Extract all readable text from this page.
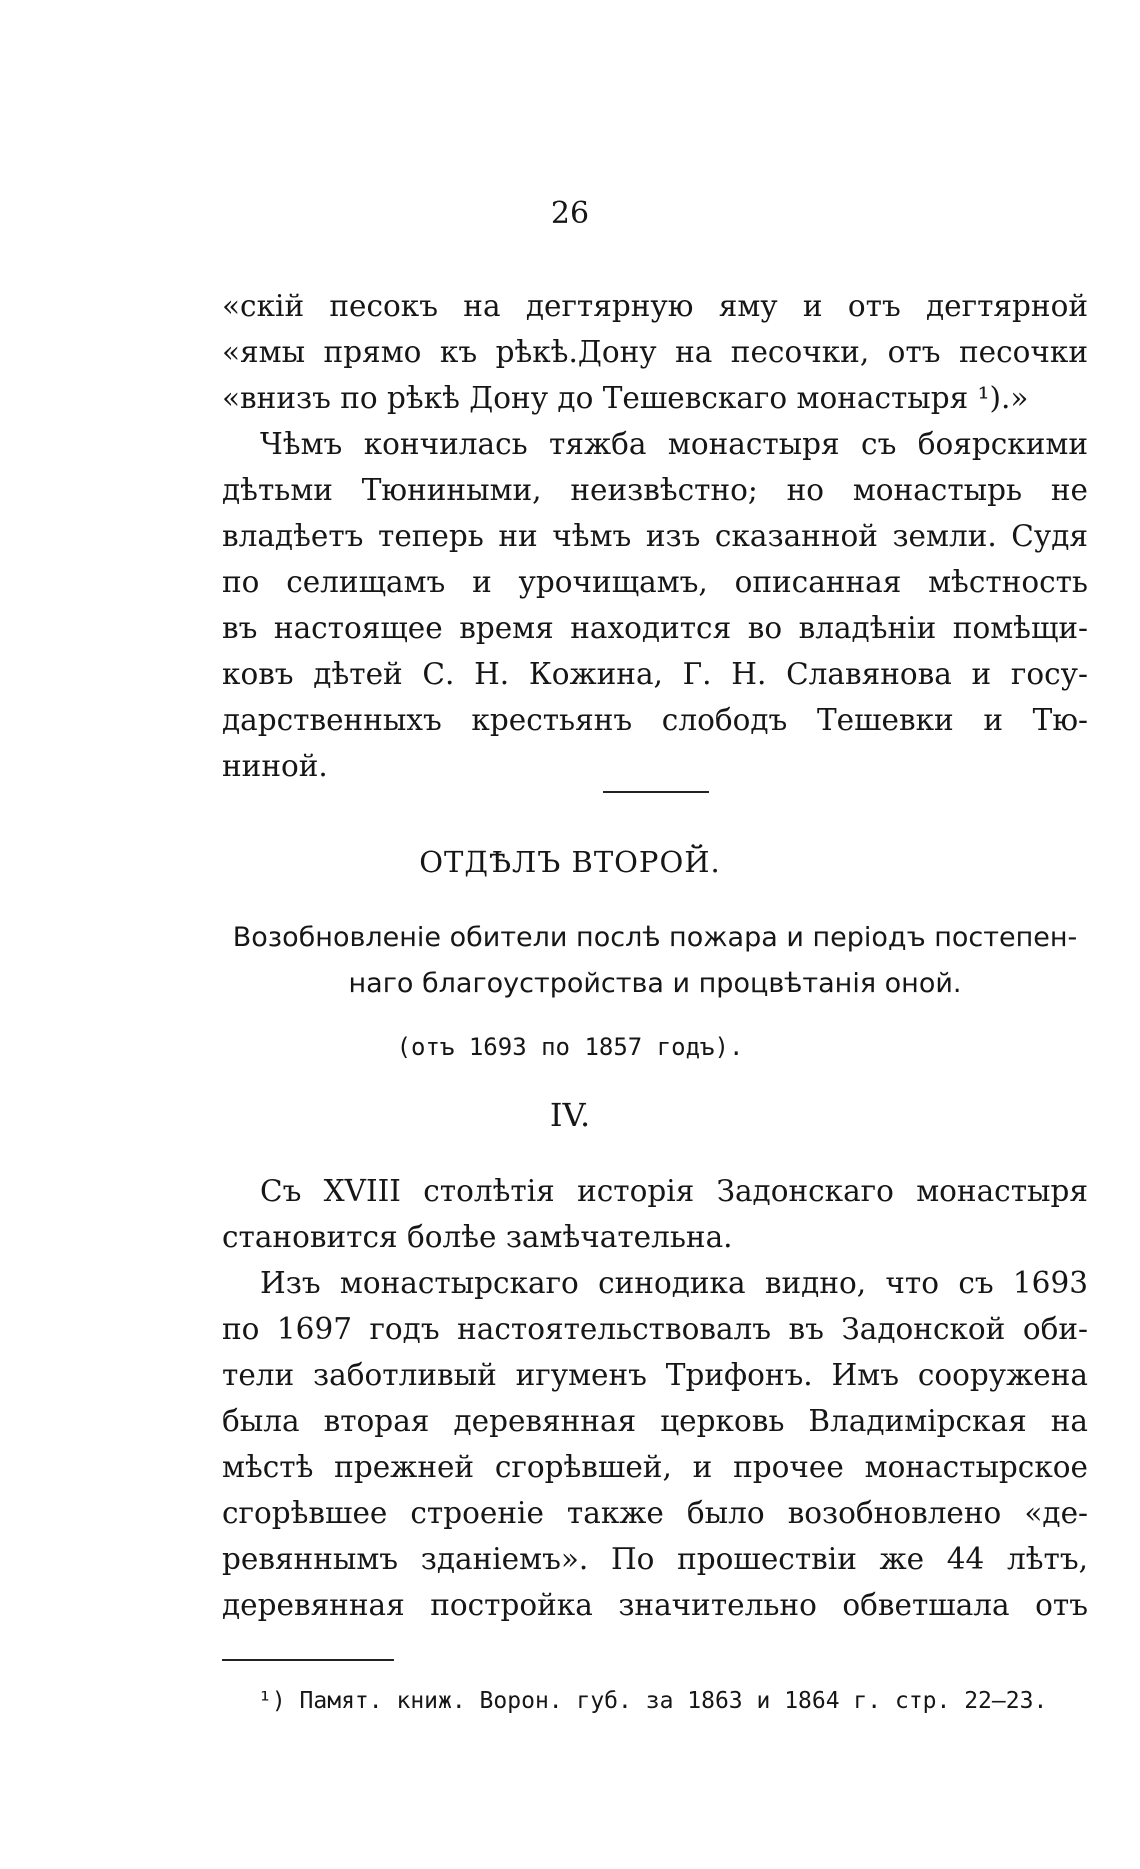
26
«скій песокъ на дегтярную яму и отъ дегтярной
«ямы прямо къ рѣкѣ.Дону на песочки, отъ песочки
«внизъ по рѣкѣ Дону до Тешевскаго монастыря ¹).»
Чѣмъ кончилась тяжба монастыря съ боярскими
дѣтьми Тюниными, неизвѣстно; но монастырь не
владѣетъ теперь ни чѣмъ изъ сказанной земли. Судя
по селищамъ и урочищамъ, описанная мѣстность
въ настоящее время находится во владѣніи помѣщи-
ковъ дѣтей С. Н. Кожина, Г. Н. Славянова и госу-
дарственныхъ крестьянъ слободъ Тешевки и Тю-
ниной.
ОТДѢЛЪ ВТОРОЙ.
Возобновленіе обители послѣ пожара и періодъ постепен-
наго благоустройства и процвѣтанія оной.
(отъ 1693 по 1857 годъ).
IV.
Съ XVIII столѣтія исторія Задонскаго монастыря
становится болѣе замѣчательна.
Изъ монастырскаго синодика видно, что съ 1693
по 1697 годъ настоятельствовалъ въ Задонской оби-
тели заботливый игуменъ Трифонъ. Имъ сооружена
была вторая деревянная церковь Владимірская на
мѣстѣ прежней сгорѣвшей, и прочее монастырское
сгорѣвшее строеніе также было возобновлено «де-
ревяннымъ зданіемъ». По прошествіи же 44 лѣтъ,
деревянная постройка значительно обветшала отъ
¹) Памят. книж. Ворон. губ. за 1863 и 1864 г. стр. 22—23.
